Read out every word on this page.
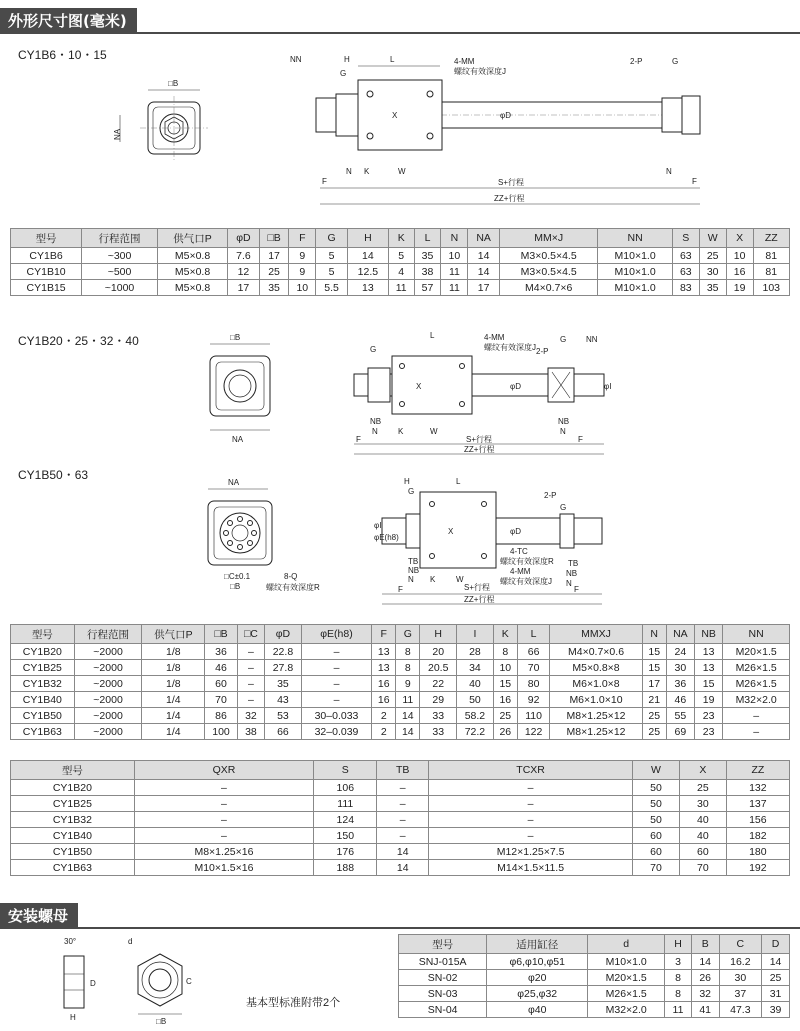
外形尺寸图(毫米)
CY1B6・10・15
□B
NA
NN	H
G
L	4-MM
螺纹有效深度J
2-P	G
X	φD
F
N K	W	N
F
S+行程
ZZ+行程
型号	行程范围	供气口P	φD	□B	F	G	H	K	L	N	NA	MM×J	NN	S	W	X	ZZ
CY1B6	~300	M5×0.8	7.6	17	9	5	14	5	35	10	14	M3×0.5×4.5	M10×1.0	63	25	10	81
CY1B10	~500	M5×0.8	12	25	9	5	12.5	4	38	11	14	M3×0.5×4.5	M10×1.0	63	30	16	81
CY1B15	~1000	M5×0.8	17	35	10	5.5	13	11	57	11	17	M4×0.7×6	M10×1.0	83	35	19	103
CY1B20・25・32・40	□B
NA
G
L	4-MM
螺纹有效深度J 2-P
G NN
X	φD	φI
NB
N	K	W
NB
N
F	F
S+行程
ZZ+行程
CY1B50・63
NA
□C±0.1
□B
8-Q
螺纹有效深度R
H
G
L
2-P
G
X	φD
φI
φE(h8)
4-TC
螺纹有效深度R
4-MM
螺纹有效深度J
TB
NB
N K	W
TB
NB
N
F	F
S+行程
ZZ+行程
型号	行程范围	供气口P	□B	□C	φD	φE(h8)	F	G	H	I	K	L	MMXJ	N	NA	NB	NN
CY1B20	~2000	1/8	36	–	22.8	–	13	8	20	28	8	66	M4×0.7×0.6	15	24	13	M20×1.5
CY1B25	~2000	1/8	46	–	27.8	–	13	8	20.5	34	10	70	M5×0.8×8	15	30	13	M26×1.5
CY1B32	~2000	1/8	60	–	35	–	16	9	22	40	15	80	M6×1.0×8	17	36	15	M26×1.5
CY1B40	~2000	1/4	70	–	43	–	16	11	29	50	16	92	M6×1.0×10	21	46	19	M32×2.0
CY1B50	~2000	1/4	86	32	53	30–0.033	2	14	33	58.2	25	110	M8×1.25×12	25	55	23	–
CY1B63	~2000	1/4	100	38	66	32–0.039	2	14	33	72.2	26	122	M8×1.25×12	25	69	23	–
型号	QXR	S	TB	TCXR	W	X	ZZ
CY1B20	–	106	–	–	50	25	132
CY1B25	–	111	–	–	50	30	137
CY1B32	–	124	–	–	50	40	156
CY1B40	–	150	–	–	60	40	182
CY1B50	M8×1.25×16	176	14	M12×1.25×7.5	60	60	180
CY1B63	M10×1.5×16	188	14	M14×1.5×11.5	70	70	192
安装螺母
30°
D
H
d
C
□B
基本型标准附带2个
型号	适用缸径	d	H	B	C	D
SNJ-015A	φ6,φ10,φ51	M10×1.0	3	14	16.2	14
SN-02	φ20	M20×1.5	8	26	30	25
SN-03	φ25,φ32	M26×1.5	8	32	37	31
SN-04	φ40	M32×2.0	11	41	47.3	39
